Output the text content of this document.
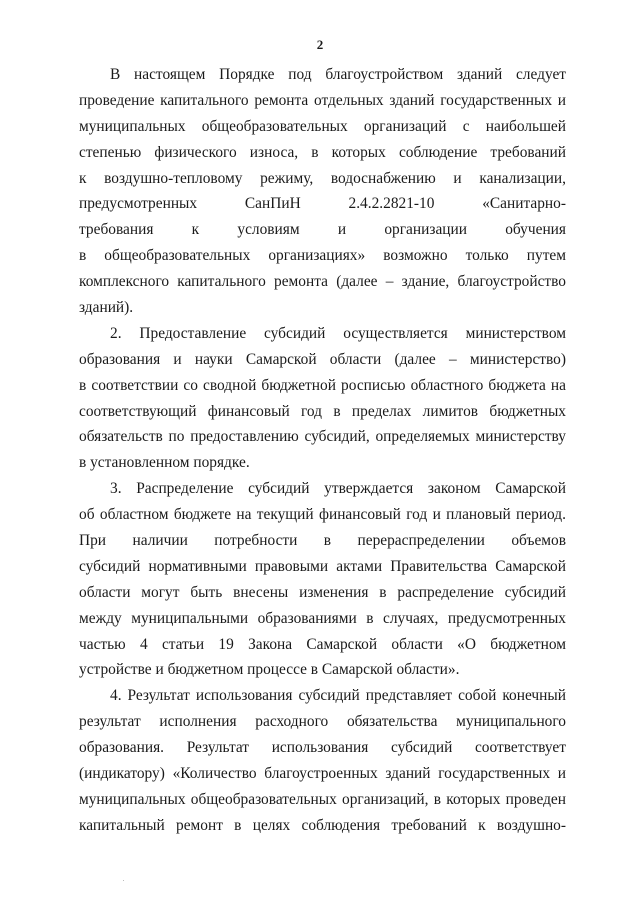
2
В настоящем Порядке под благоустройством зданий следует
проведение капитального ремонта отдельных зданий государственных и
муниципальных общеобразовательных организаций с наибольшей
степенью физического износа, в которых соблюдение требований
к воздушно-тепловому режиму, водоснабжению и канализации,
предусмотренных СанПиН 2.4.2.2821-10 «Санитарно-
требования к условиям и организации обучения
в общеобразовательных организациях» возможно только путем
комплексного капитального ремонта (далее – здание, благоустройство
зданий).
2. Предоставление субсидий осуществляется министерством
образования и науки Самарской области (далее – министерство)
в соответствии со сводной бюджетной росписью областного бюджета на
соответствующий финансовый год в пределах лимитов бюджетных
обязательств по предоставлению субсидий, определяемых министерству
в установленном порядке.
3. Распределение субсидий утверждается законом Самарской
об областном бюджете на текущий финансовый год и плановый период.
При наличии потребности в перераспределении объемов
субсидий нормативными правовыми актами Правительства Самарской
области могут быть внесены изменения в распределение субсидий
между муниципальными образованиями в случаях, предусмотренных
частью 4 статьи 19 Закона Самарской области «О бюджетном
устройстве и бюджетном процессе в Самарской области».
4. Результат использования субсидий представляет собой конечный
результат исполнения расходного обязательства муниципального
образования. Результат использования субсидий соответствует
(индикатору) «Количество благоустроенных зданий государственных и
муниципальных общеобразовательных организаций, в которых проведен
капитальный ремонт в целях соблюдения требований к воздушно-
